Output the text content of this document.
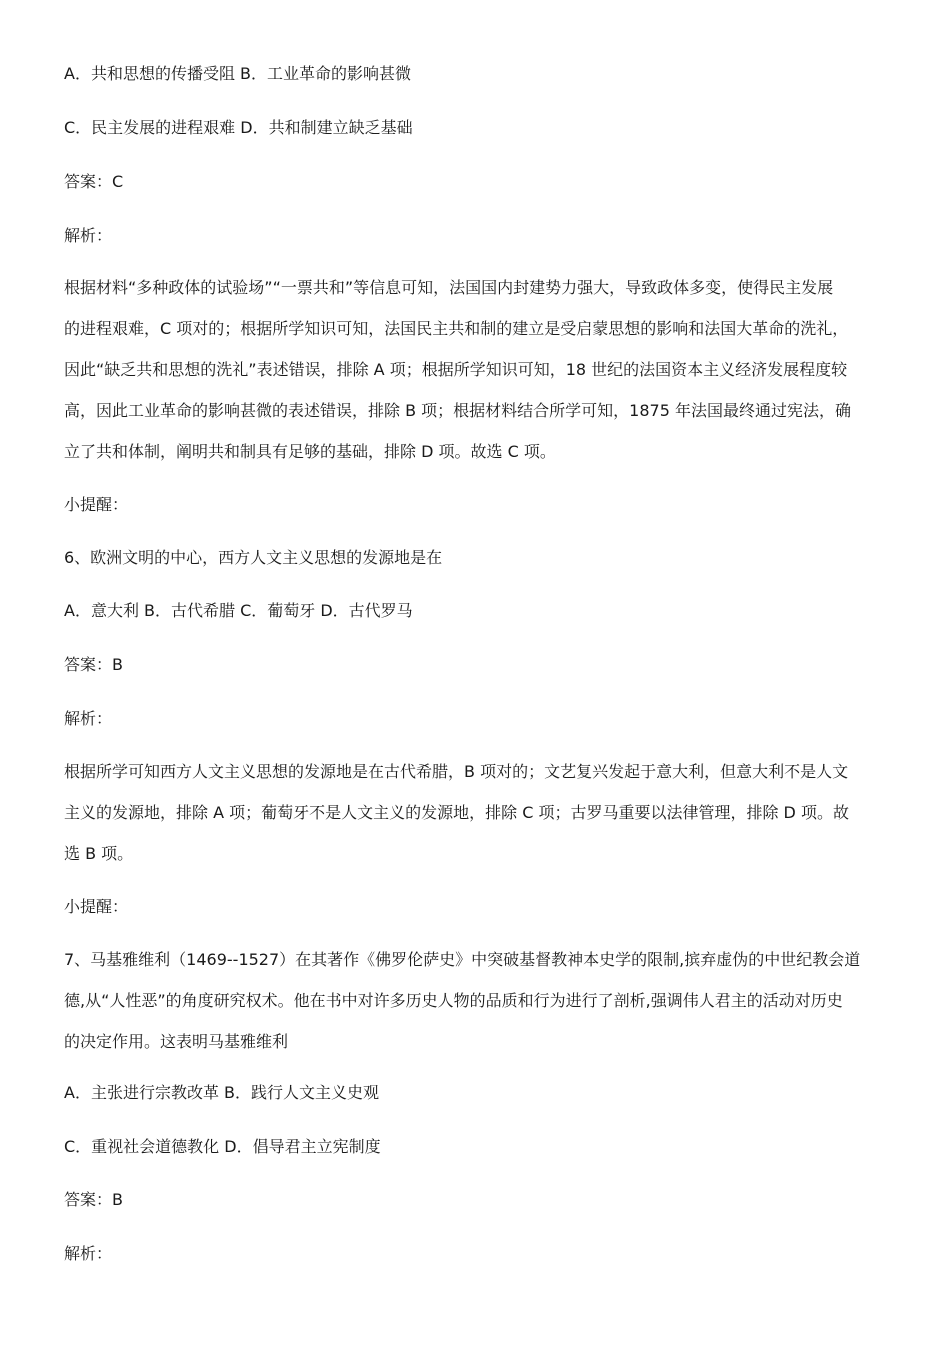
A．共和思想的传播受阻 B．工业革命的影响甚微
C．民主发展的进程艰难 D．共和制建立缺乏基础
答案：C
解析：
根据材料“多种政体的试验场”“一票共和”等信息可知，法国国内封建势力强大，导致政体多变，使得民主发展
的进程艰难，C 项对的；根据所学知识可知，法国民主共和制的建立是受启蒙思想的影响和法国大革命的洗礼，
因此“缺乏共和思想的洗礼”表述错误，排除 A 项；根据所学知识可知，18 世纪的法国资本主义经济发展程度较
高，因此工业革命的影响甚微的表述错误，排除 B 项；根据材料结合所学可知，1875 年法国最终通过宪法，确
立了共和体制，阐明共和制具有足够的基础，排除 D 项。故选 C 项。
小提醒：
6、欧洲文明的中心，西方人文主义思想的发源地是在
A．意大利 B．古代希腊 C．葡萄牙 D．古代罗马
答案：B
解析：
根据所学可知西方人文主义思想的发源地是在古代希腊，B 项对的；文艺复兴发起于意大利，但意大利不是人文
主义的发源地，排除 A 项；葡萄牙不是人文主义的发源地，排除 C 项；古罗马重要以法律管理，排除 D 项。故
选 B 项。
小提醒：
7、马基雅维利（1469--1527）在其著作《佛罗伦萨史》中突破基督教神本史学的限制,摈弃虚伪的中世纪教会道
德,从“人性恶”的角度研究权术。他在书中对许多历史人物的品质和行为进行了剖析,强调伟人君主的活动对历史
的决定作用。这表明马基雅维利
A．主张进行宗教改革 B．践行人文主义史观
C．重视社会道德教化 D．倡导君主立宪制度
答案：B
解析：
